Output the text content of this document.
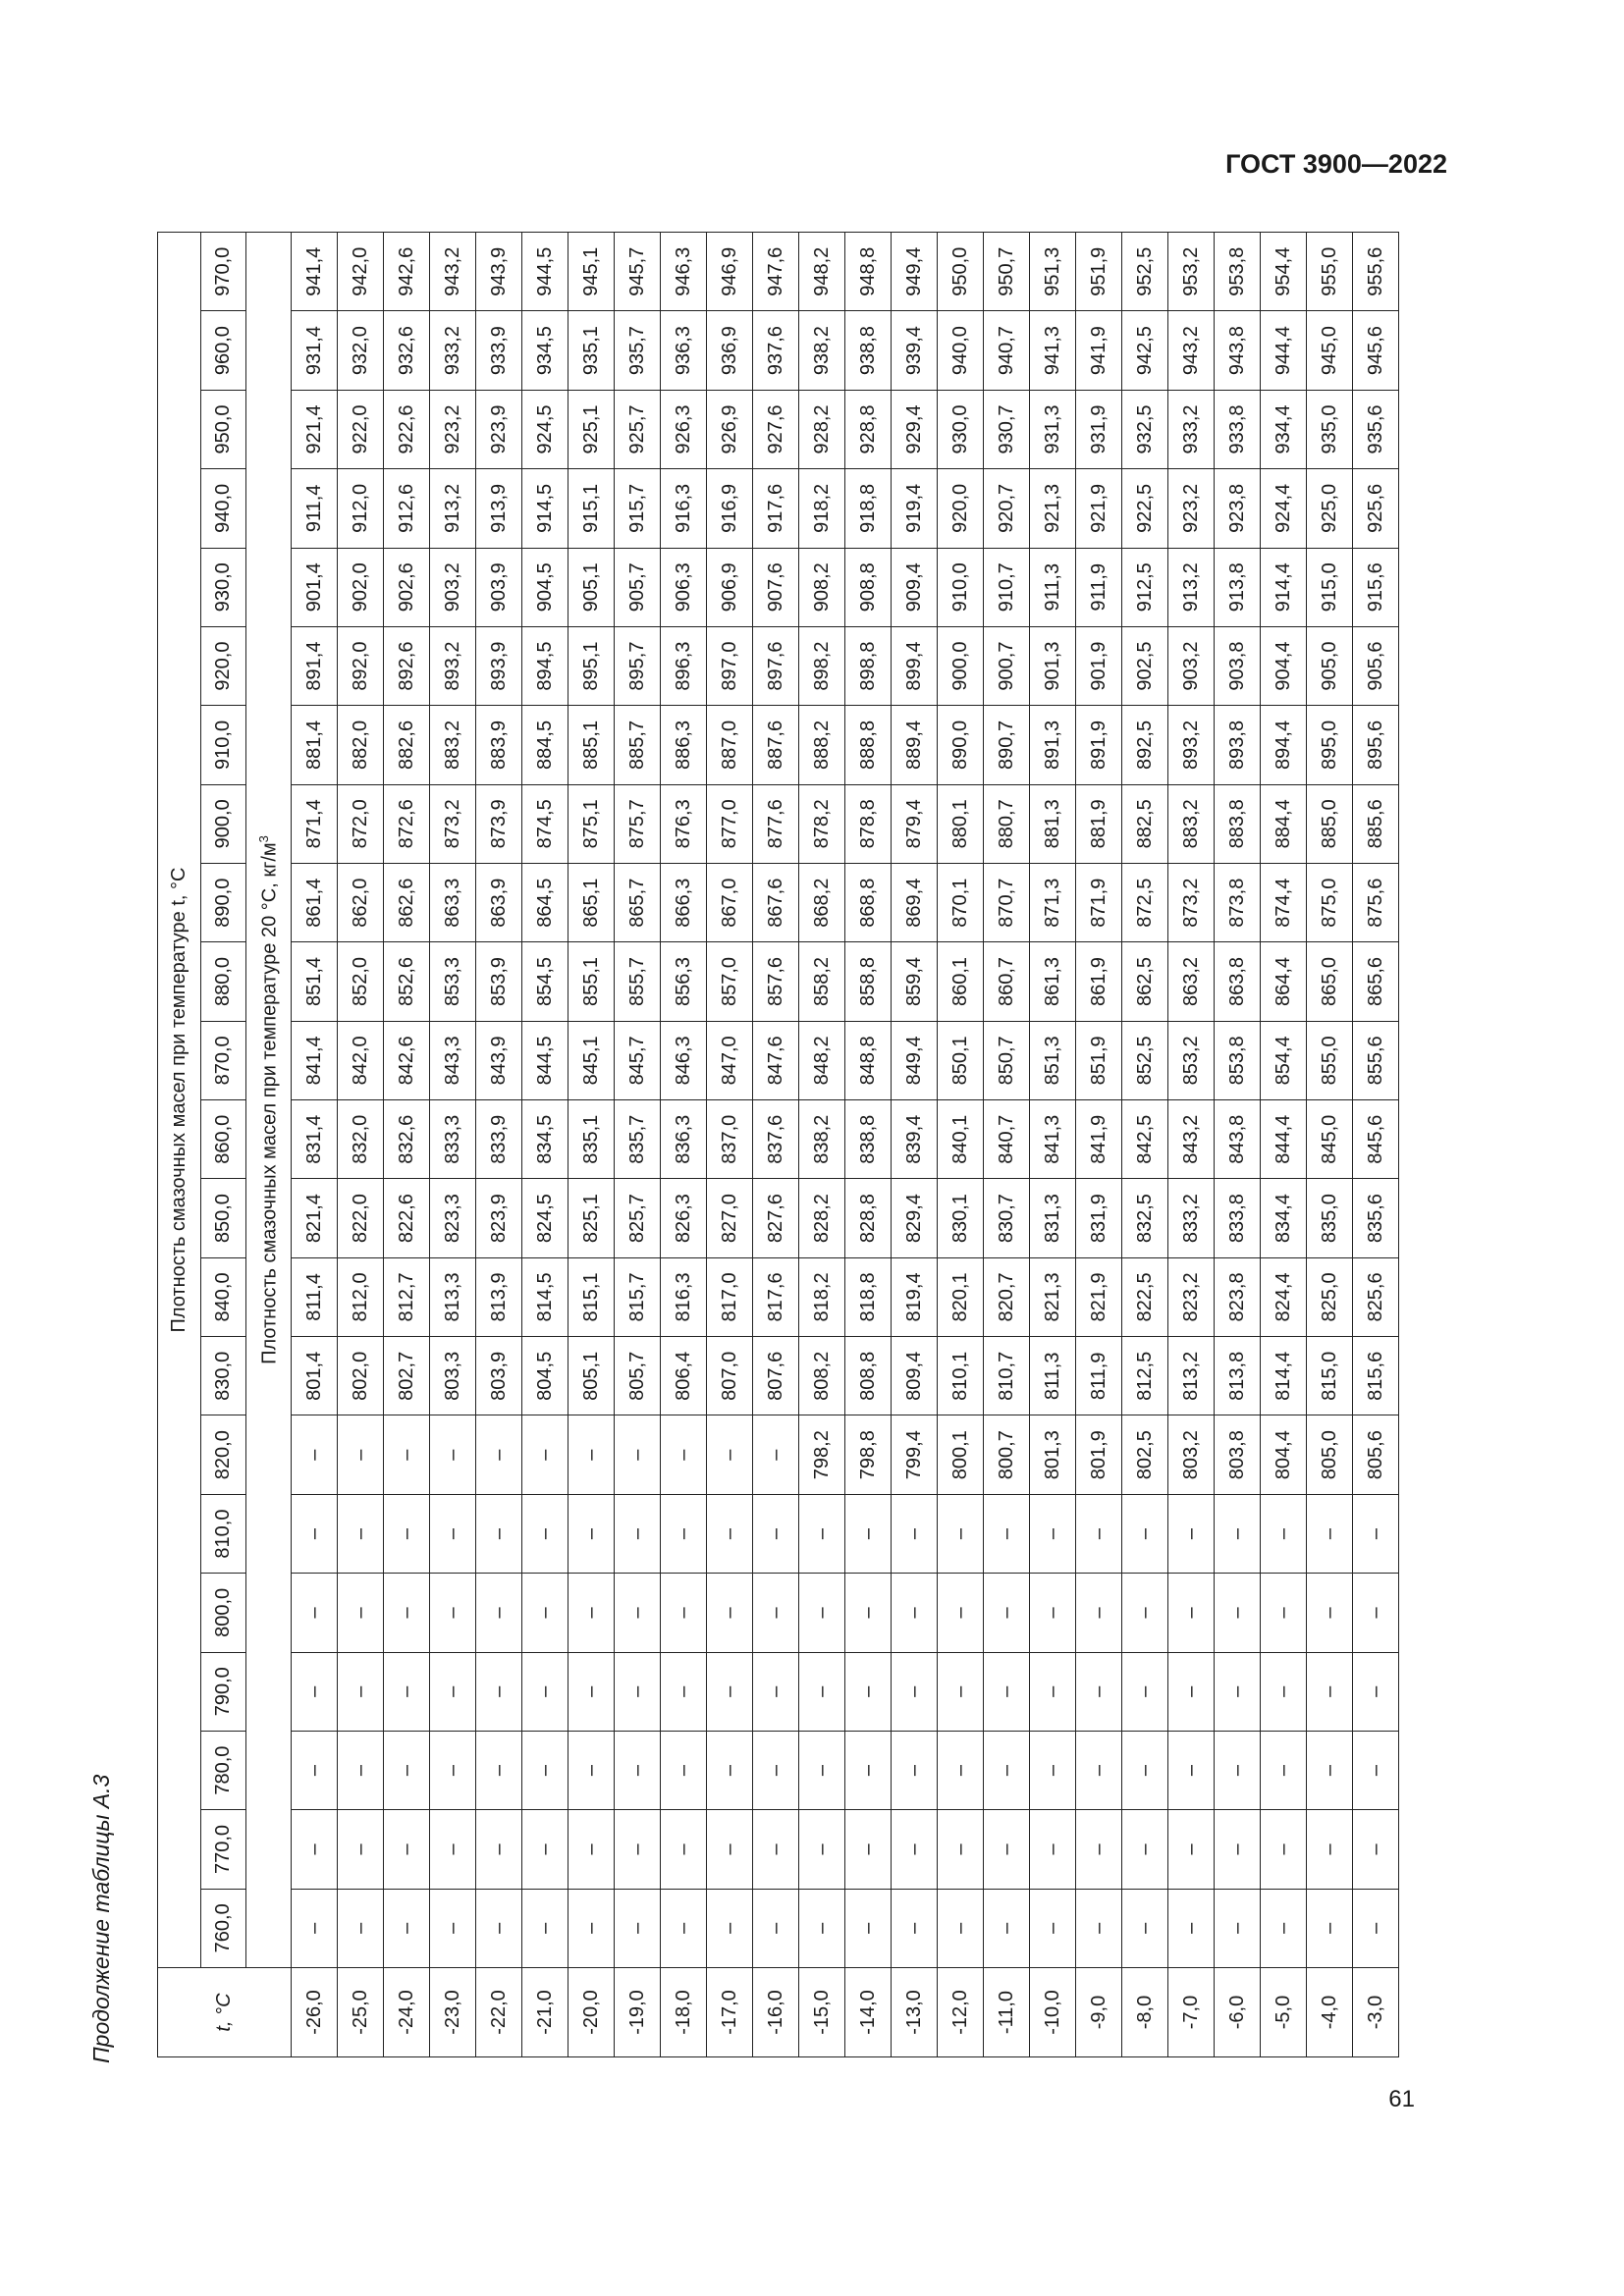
ГОСТ 3900—2022
Продолжение таблицы А.3	t, °C	Плотность смазочных масел при температуре t, °C																					
	760,0	770,0	780,0	790,0	800,0	810,0	820,0	830,0	840,0	850,0	860,0	870,0	880,0	890,0	900,0	910,0	920,0	930,0	940,0	950,0	960,0	970,0
	Плотность смазочных масел при температуре 20 °C, $кг/м^3$
-26,0	–	–	–	–	–	–	–	801,4	811,4	821,4	831,4	841,4	851,4	861,4	871,4	881,4	891,4	901,4	911,4	921,4	931,4	941,4
-25,0	–	–	–	–	–	–	–	802,0	812,0	822,0	832,0	842,0	852,0	862,0	872,0	882,0	892,0	902,0	912,0	922,0	932,0	942,0
-24,0	–	–	–	–	–	–	–	802,7	812,7	822,6	832,6	842,6	852,6	862,6	872,6	882,6	892,6	902,6	912,6	922,6	932,6	942,6
-23,0	–	–	–	–	–	–	–	803,3	813,3	823,3	833,3	843,3	853,3	863,3	873,2	883,2	893,2	903,2	913,2	923,2	933,2	943,2
-22,0	–	–	–	–	–	–	–	803,9	813,9	823,9	833,9	843,9	853,9	863,9	873,9	883,9	893,9	903,9	913,9	923,9	933,9	943,9
-21,0	–	–	–	–	–	–	–	804,5	814,5	824,5	834,5	844,5	854,5	864,5	874,5	884,5	894,5	904,5	914,5	924,5	934,5	944,5
-20,0	–	–	–	–	–	–	–	805,1	815,1	825,1	835,1	845,1	855,1	865,1	875,1	885,1	895,1	905,1	915,1	925,1	935,1	945,1
-19,0	–	–	–	–	–	–	–	805,7	815,7	825,7	835,7	845,7	855,7	865,7	875,7	885,7	895,7	905,7	915,7	925,7	935,7	945,7
-18,0	–	–	–	–	–	–	–	806,4	816,3	826,3	836,3	846,3	856,3	866,3	876,3	886,3	896,3	906,3	916,3	926,3	936,3	946,3
-17,0	–	–	–	–	–	–	–	807,0	817,0	827,0	837,0	847,0	857,0	867,0	877,0	887,0	897,0	906,9	916,9	926,9	936,9	946,9
-16,0	–	–	–	–	–	–	–	807,6	817,6	827,6	837,6	847,6	857,6	867,6	877,6	887,6	897,6	907,6	917,6	927,6	937,6	947,6
-15,0	–	–	–	–	–	–	798,2	808,2	818,2	828,2	838,2	848,2	858,2	868,2	878,2	888,2	898,2	908,2	918,2	928,2	938,2	948,2
-14,0	–	–	–	–	–	–	798,8	808,8	818,8	828,8	838,8	848,8	858,8	868,8	878,8	888,8	898,8	908,8	918,8	928,8	938,8	948,8
-13,0	–	–	–	–	–	–	799,4	809,4	819,4	829,4	839,4	849,4	859,4	869,4	879,4	889,4	899,4	909,4	919,4	929,4	939,4	949,4
-12,0	–	–	–	–	–	–	800,1	810,1	820,1	830,1	840,1	850,1	860,1	870,1	880,1	890,0	900,0	910,0	920,0	930,0	940,0	950,0
-11,0	–	–	–	–	–	–	800,7	810,7	820,7	830,7	840,7	850,7	860,7	870,7	880,7	890,7	900,7	910,7	920,7	930,7	940,7	950,7
-10,0	–	–	–	–	–	–	801,3	811,3	821,3	831,3	841,3	851,3	861,3	871,3	881,3	891,3	901,3	911,3	921,3	931,3	941,3	951,3
-9,0	–	–	–	–	–	–	801,9	811,9	821,9	831,9	841,9	851,9	861,9	871,9	881,9	891,9	901,9	911,9	921,9	931,9	941,9	951,9
-8,0	–	–	–	–	–	–	802,5	812,5	822,5	832,5	842,5	852,5	862,5	872,5	882,5	892,5	902,5	912,5	922,5	932,5	942,5	952,5
-7,0	–	–	–	–	–	–	803,2	813,2	823,2	833,2	843,2	853,2	863,2	873,2	883,2	893,2	903,2	913,2	923,2	933,2	943,2	953,2
-6,0	–	–	–	–	–	–	803,8	813,8	823,8	833,8	843,8	853,8	863,8	873,8	883,8	893,8	903,8	913,8	923,8	933,8	943,8	953,8
-5,0	–	–	–	–	–	–	804,4	814,4	824,4	834,4	844,4	854,4	864,4	874,4	884,4	894,4	904,4	914,4	924,4	934,4	944,4	954,4
-4,0	–	–	–	–	–	–	805,0	815,0	825,0	835,0	845,0	855,0	865,0	875,0	885,0	895,0	905,0	915,0	925,0	935,0	945,0	955,0
-3,0	–	–	–	–	–	–	805,6	815,6	825,6	835,6	845,6	855,6	865,6	875,6	885,6	895,6	905,6	915,6	925,6	935,6	945,6	955,6
61
